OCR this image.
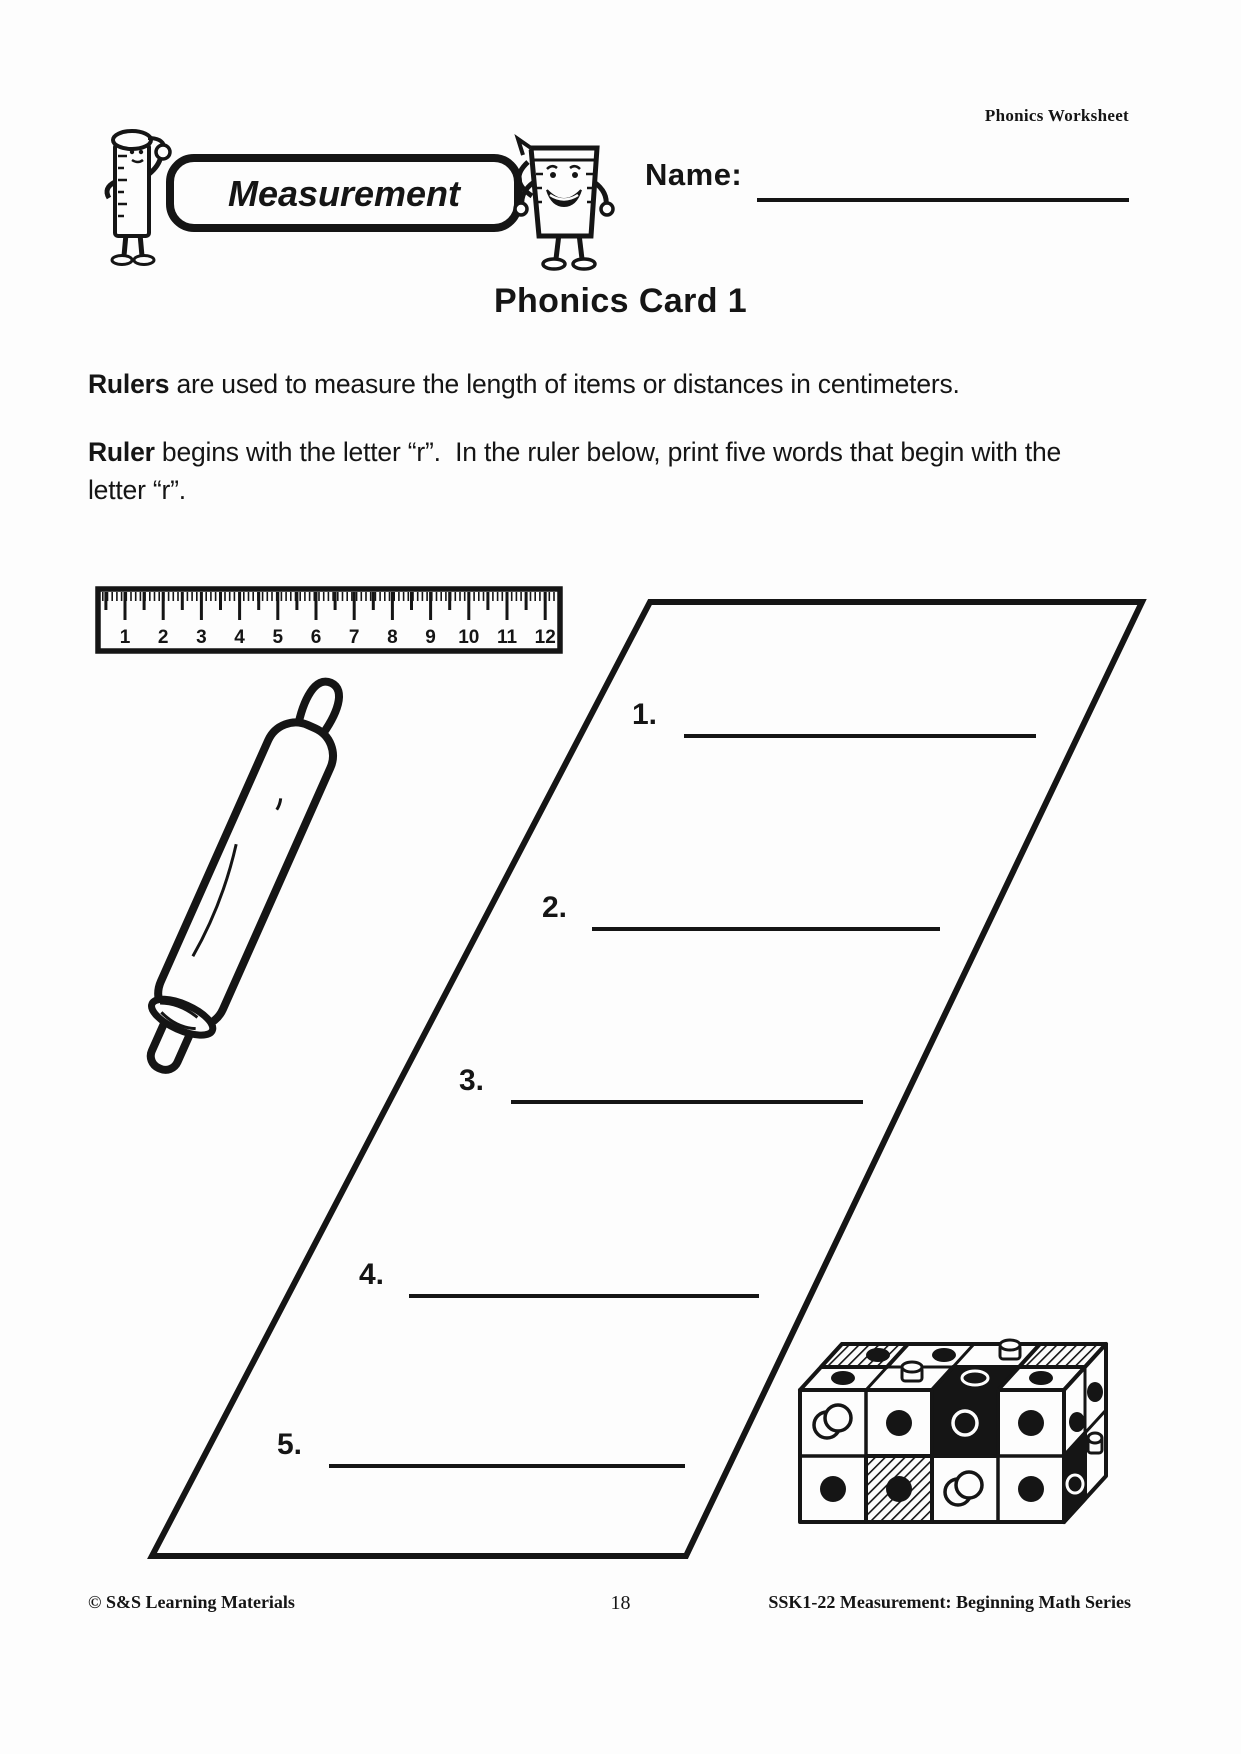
Phonics Worksheet
Measurement	Name:
Phonics Card 1

Rulers are used to measure the length of items or distances in centimeters.

Ruler begins with the letter “r”.  In the ruler below, print five words that begin with the letter “r”.

1 2 3 4 5 6 7 8 9 10 11 12
1.
2.
3.
4.
5.
© S&S Learning Materials	18	SSK1-22 Measurement: Beginning Math Series
